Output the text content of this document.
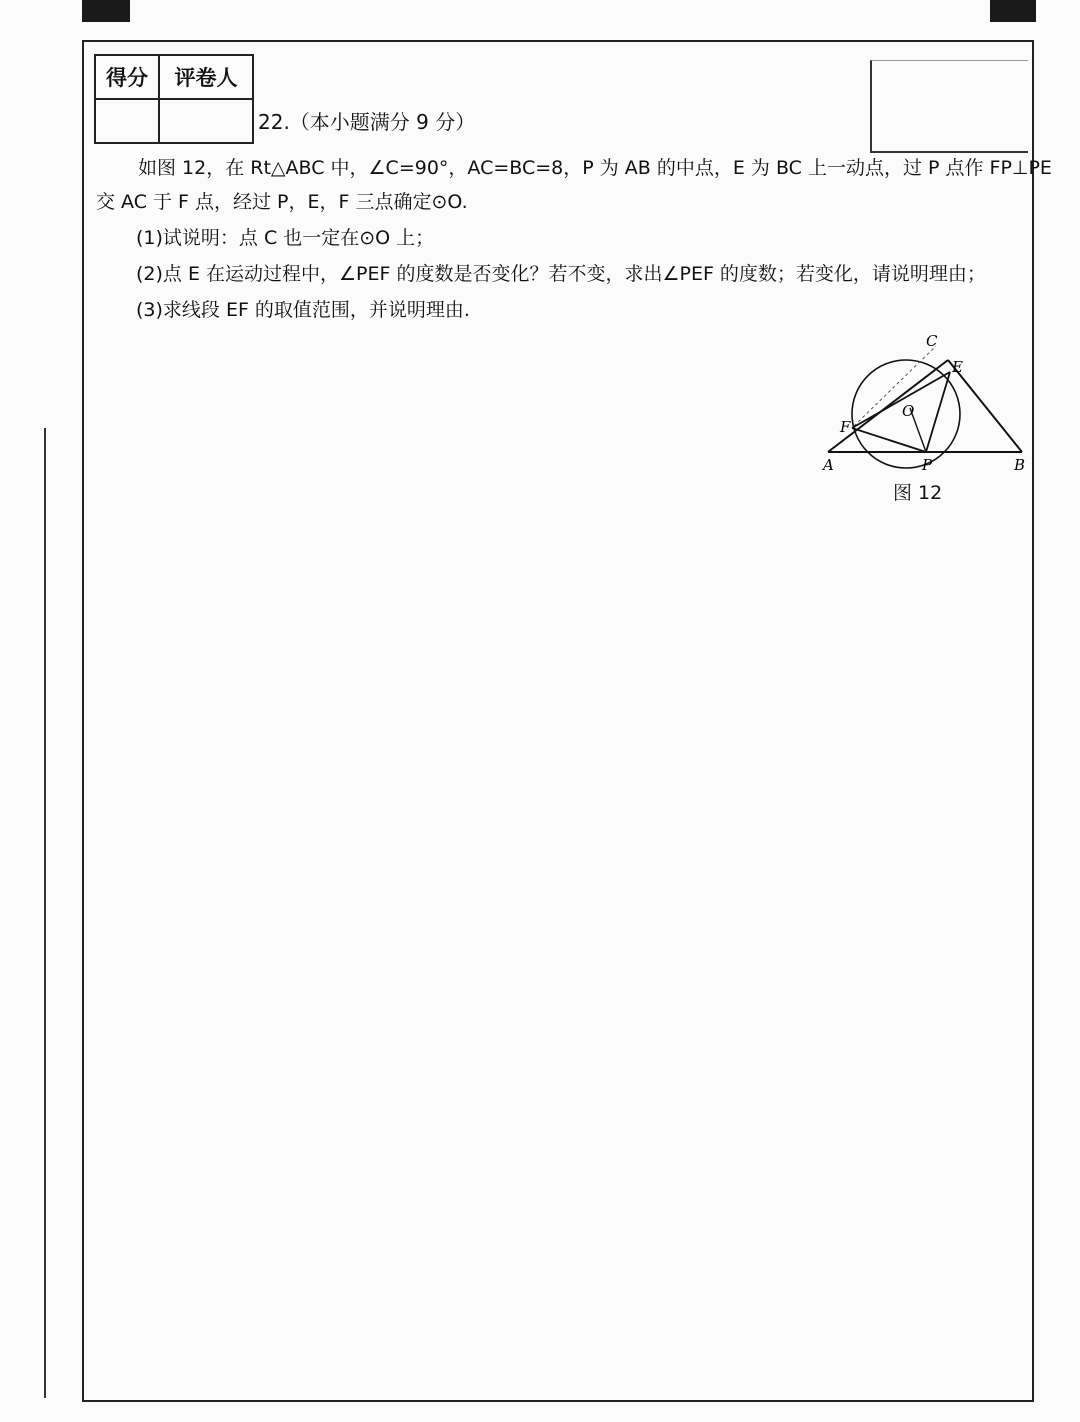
得分	评卷人

22.（本小题满分 9 分）
如图 12，在 Rt△ABC 中，∠C=90°，AC=BC=8，P 为 AB 的中点，E 为 BC 上一动点，过 P 点作 FP⊥PE
交 AC 于 F 点，经过 P，E，F 三点确定⊙O.
(1)试说明：点 C 也一定在⊙O 上；
(2)点 E 在运动过程中，∠PEF 的度数是否变化？若不变，求出∠PEF 的度数；若变化，请说明理由；
(3)求线段 EF 的取值范围，并说明理由.
A	B
C
E
F
O
P
图 12
